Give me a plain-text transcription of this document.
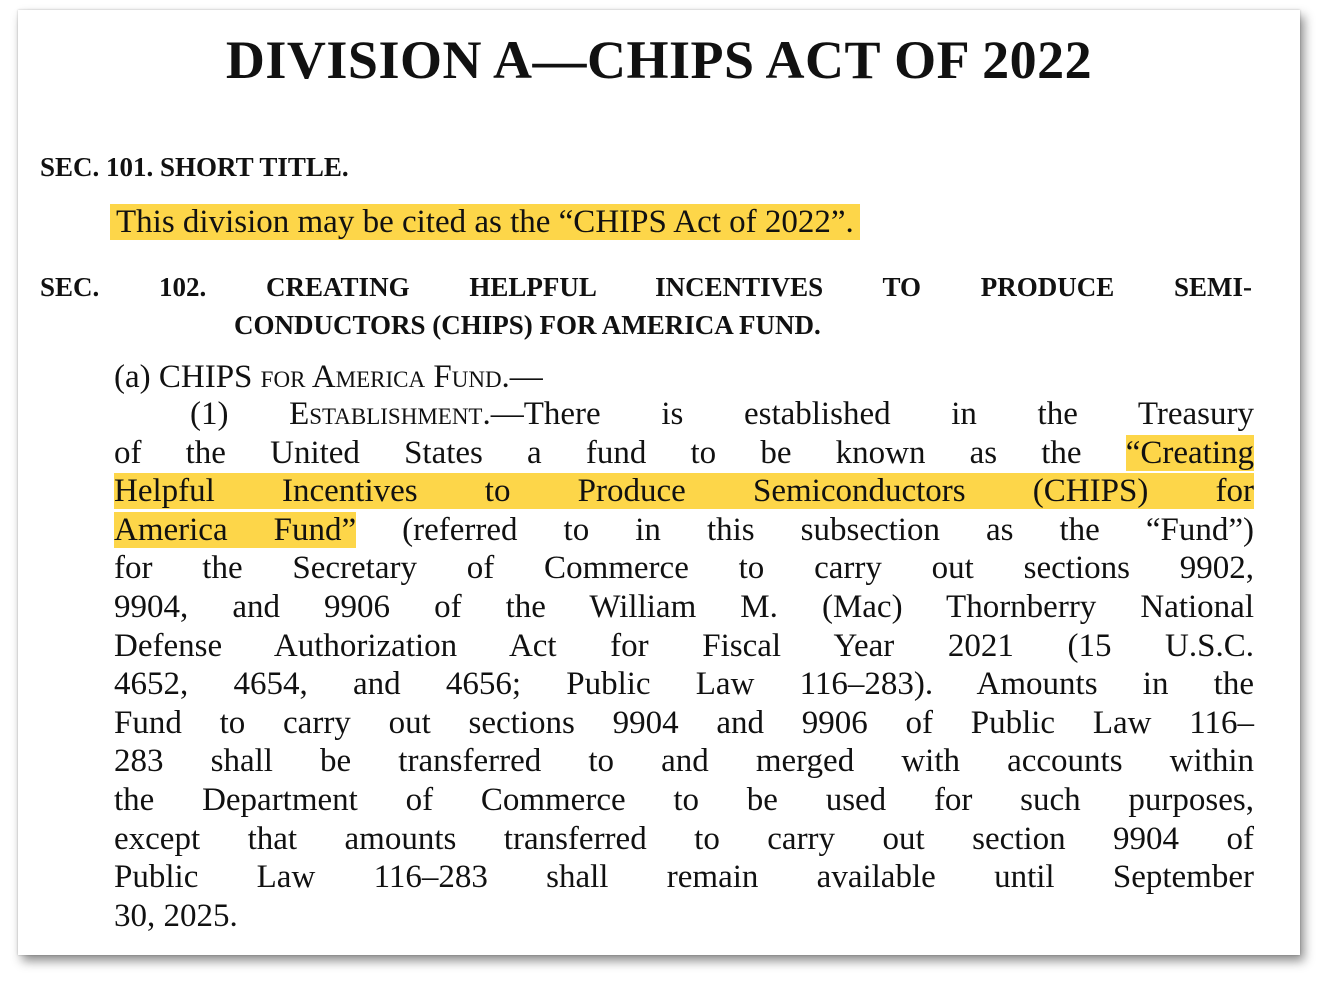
DIVISION A—CHIPS ACT OF 2022

SEC. 101. SHORT TITLE.

This division may be cited as the “CHIPS Act of 2022”.

SEC. 102. CREATING HELPFUL INCENTIVES TO PRODUCE SEMI-
CONDUCTORS (CHIPS) FOR AMERICA FUND.

(a) CHIPS for America Fund.—

(1) Establishment.—There is established in the Treasury
of the United States a fund to be known as the “Creating
Helpful Incentives to Produce Semiconductors (CHIPS) for
America Fund” (referred to in this subsection as the “Fund”)
for the Secretary of Commerce to carry out sections 9902,
9904, and 9906 of the William M. (Mac) Thornberry National
Defense Authorization Act for Fiscal Year 2021 (15 U.S.C.
4652, 4654, and 4656; Public Law 116–283). Amounts in the
Fund to carry out sections 9904 and 9906 of Public Law 116–
283 shall be transferred to and merged with accounts within
the Department of Commerce to be used for such purposes,
except that amounts transferred to carry out section 9904 of
Public Law 116–283 shall remain available until September
30, 2025.
